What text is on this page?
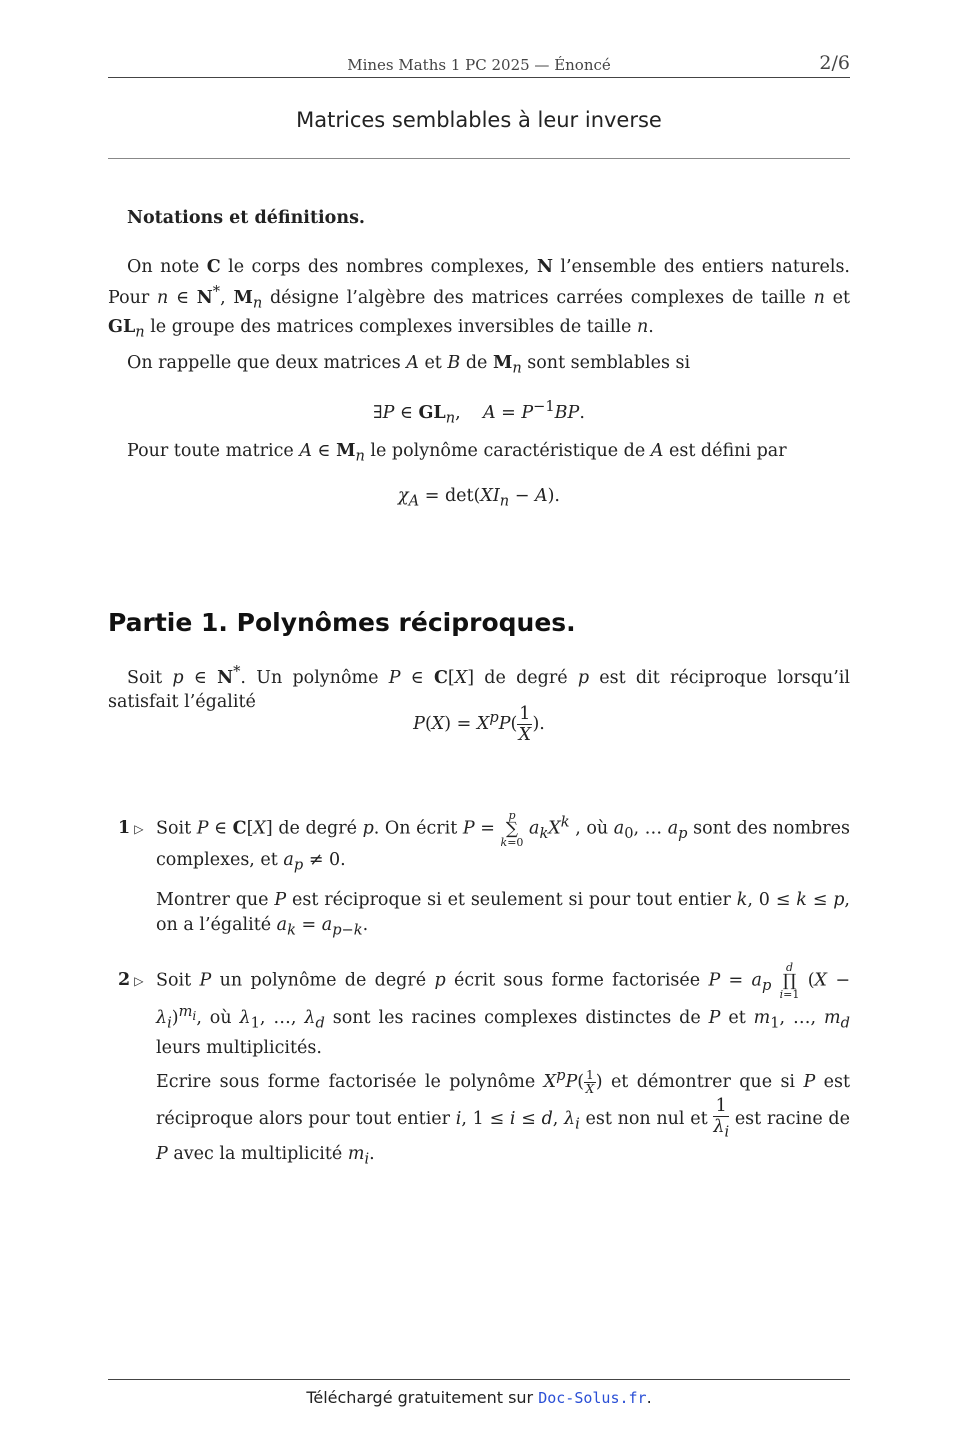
Mines Maths 1 PC 2025 — Énoncé	2/6
Matrices semblables à leur inverse
Notations et définitions.
On note C le corps des nombres complexes, N l’ensemble des entiers naturels. Pour n ∈ N*, $M_n$ désigne l’algèbre des matrices carrées complexes de taille n et $GL_n$ le groupe des matrices complexes inversibles de taille n.
On rappelle que deux matrices A et B de $M_n$ sont semblables si
∃P ∈ $GL_n$,    $A = P^{-1}BP$.
Pour toute matrice A ∈ $M_n$ le polynôme caractéristique de A est défini par
$\chi_A = \det(XI_n - A)$.
Partie 1. Polynômes réciproques.
Soit p ∈ N*. Un polynôme P ∈ C[X] de degré p est dit réciproque lorsqu’il satisfait l’égalité
$P(X) = X^pP( \frac{1}{X}$ ).
1 ▷ Soit P ∈ C[X] de degré p. On écrit P =
p
∑
k=0
$a_kX^k$ , où $a_0$, … $a_p$ sont des nombres complexes, et $a_p \ne 0$.
Montrer que P est réciproque si et seulement si pour tout entier k, 0 ≤ k ≤ p, on a l’égalité $a_k = a_{p-k}$.
2 ▷ Soit P un polynôme de degré p écrit sous forme factorisée $P = a_p$
d
∏
i=1
$(X - \lambda_i)^{m_i}$, où $\lambda_1$, …, $\lambda_d$ sont les racines complexes distinctes de P et $m_1$, …, $m_d$ leurs multiplicités.
Ecrire sous forme factorisée le polynôme $X^pP( \frac{1}{X}$ ) et démontrer que si P est réciproque alors pour tout entier i, 1 ≤ i ≤ d, $\lambda_i$ est non nul et $\frac{1}{\lambda_i}$ est racine de P avec la multiplicité $m_i$.
Téléchargé gratuitement sur Doc-Solus.fr.
